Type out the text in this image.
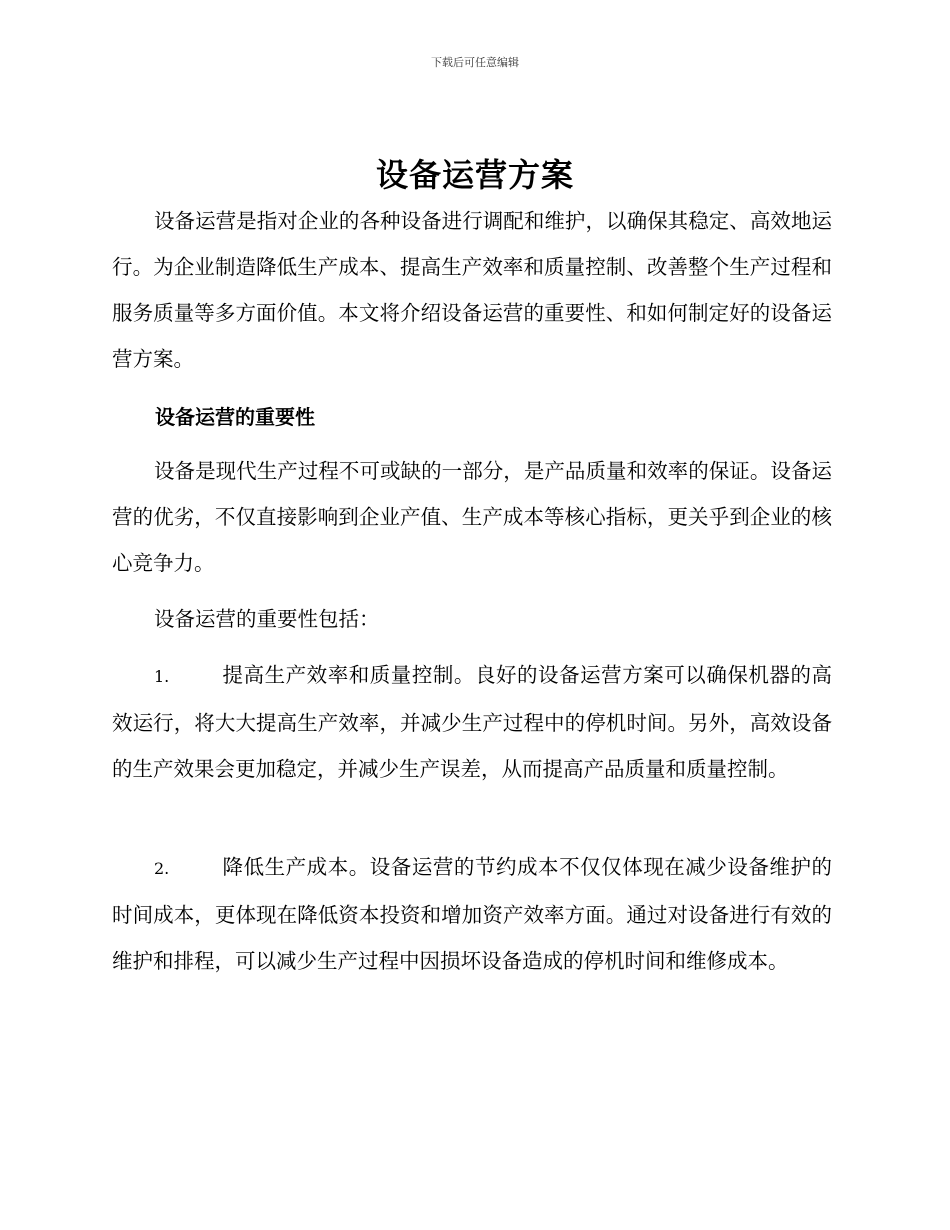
下载后可任意编辑
设备运营方案

设备运营是指对企业的各种设备进行调配和维护，以确保其稳定、高效地运行。为企业制造降低生产成本、提高生产效率和质量控制、改善整个生产过程和服务质量等多方面价值。本文将介绍设备运营的重要性、和如何制定好的设备运营方案。

设备运营的重要性

设备是现代生产过程不可或缺的一部分，是产品质量和效率的保证。设备运营的优劣，不仅直接影响到企业产值、生产成本等核心指标，更关乎到企业的核心竞争力。

设备运营的重要性包括：

1.	提高生产效率和质量控制。良好的设备运营方案可以确保机器的高效运行，将大大提高生产效率，并减少生产过程中的停机时间。另外，高效设备的生产效果会更加稳定，并减少生产误差，从而提高产品质量和质量控制。
2.	降低生产成本。设备运营的节约成本不仅仅体现在减少设备维护的时间成本，更体现在降低资本投资和增加资产效率方面。通过对设备进行有效的维护和排程，可以减少生产过程中因损坏设备造成的停机时间和维修成本。
